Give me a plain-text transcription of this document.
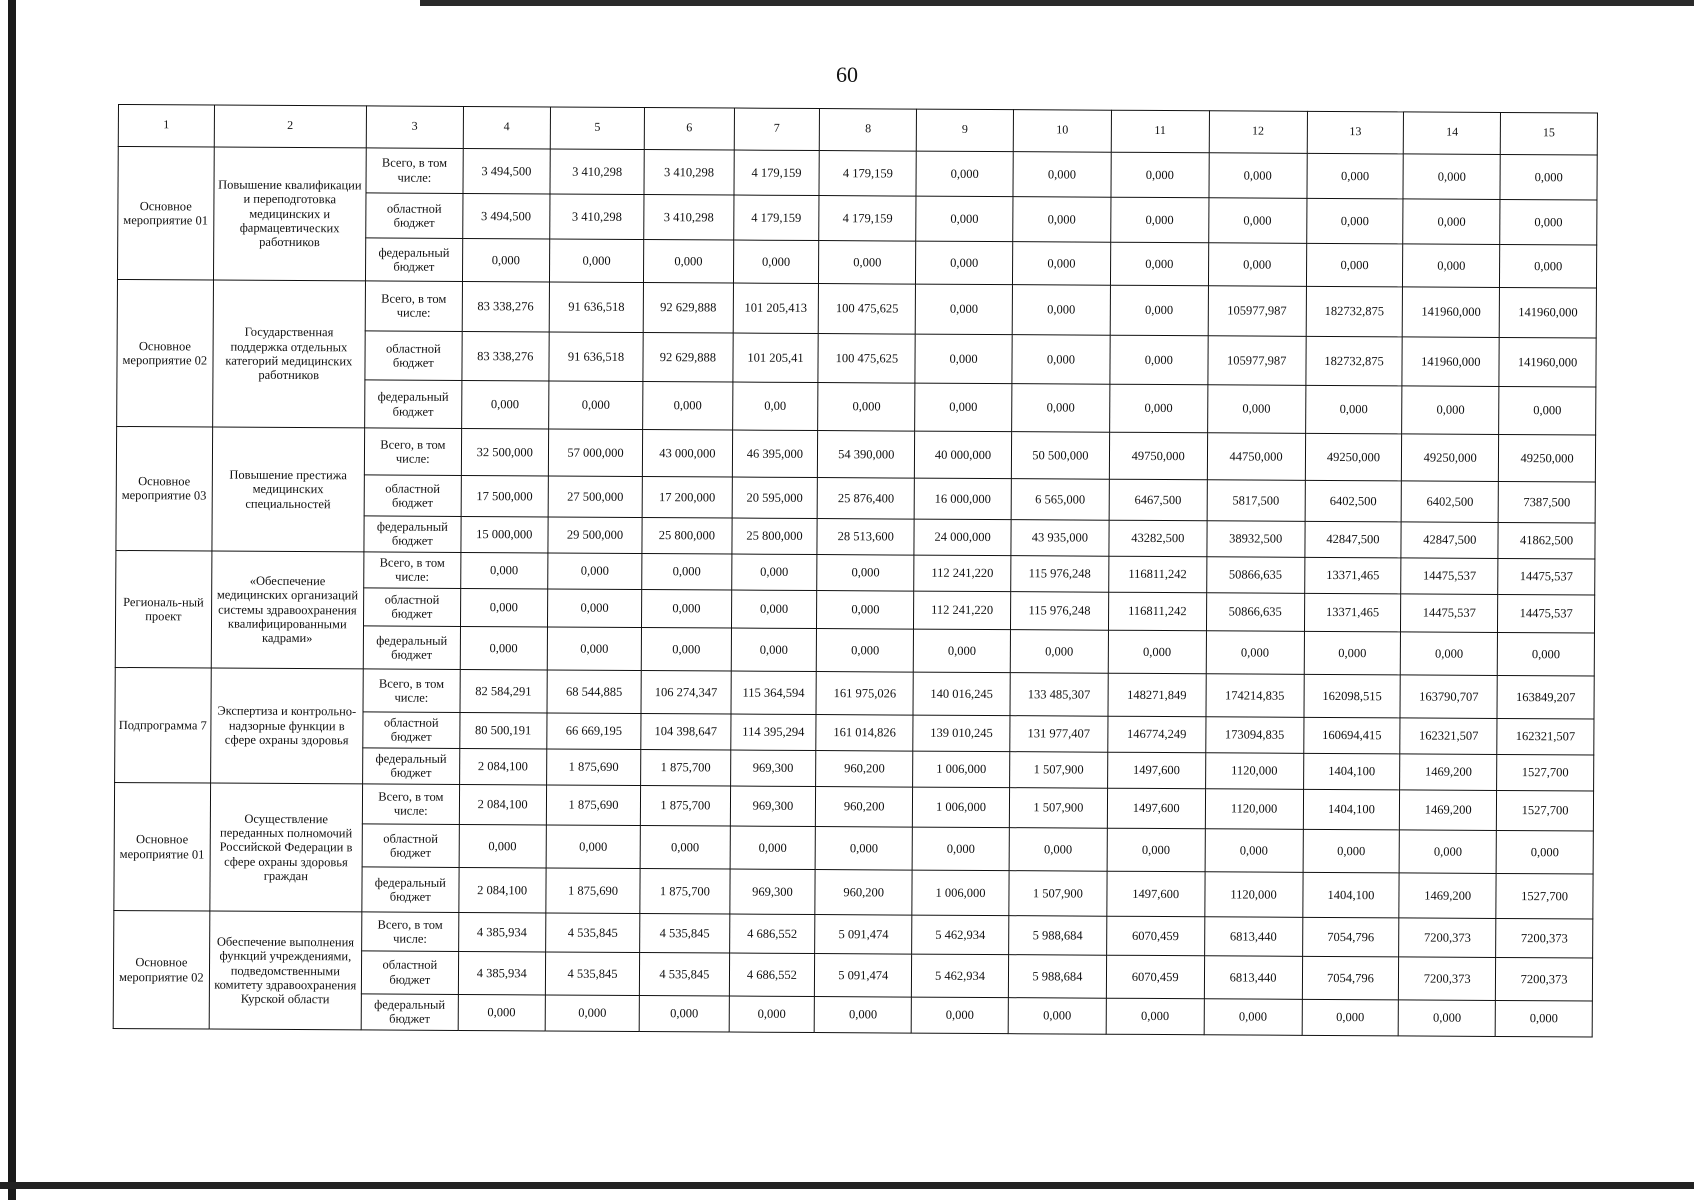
60
1	2	3	4	5	6	7	8	9	10	11	12	13	14	15
Основное мероприятие 01	Повышение квалификации и переподготовка медицинских и фармацевтических работников	Всего, в том числе:	3 494,500	3 410,298	3 410,298	4 179,159	4 179,159	0,000	0,000	0,000	0,000	0,000	0,000	0,000
		областной бюджет	3 494,500	3 410,298	3 410,298	4 179,159	4 179,159	0,000	0,000	0,000	0,000	0,000	0,000	0,000
		федеральный бюджет	0,000	0,000	0,000	0,000	0,000	0,000	0,000	0,000	0,000	0,000	0,000	0,000
Основное мероприятие 02	Государственная поддержка отдельных категорий медицинских работников	Всего, в том числе:	83 338,276	91 636,518	92 629,888	101 205,413	100 475,625	0,000	0,000	0,000	105977,987	182732,875	141960,000	141960,000
		областной бюджет	83 338,276	91 636,518	92 629,888	101 205,41	100 475,625	0,000	0,000	0,000	105977,987	182732,875	141960,000	141960,000
		федеральный бюджет	0,000	0,000	0,000	0,00	0,000	0,000	0,000	0,000	0,000	0,000	0,000	0,000
Основное мероприятие 03	Повышение престижа медицинских специальностей	Всего, в том числе:	32 500,000	57 000,000	43 000,000	46 395,000	54 390,000	40 000,000	50 500,000	49750,000	44750,000	49250,000	49250,000	49250,000
		областной бюджет	17 500,000	27 500,000	17 200,000	20 595,000	25 876,400	16 000,000	6 565,000	6467,500	5817,500	6402,500	6402,500	7387,500
		федеральный бюджет	15 000,000	29 500,000	25 800,000	25 800,000	28 513,600	24 000,000	43 935,000	43282,500	38932,500	42847,500	42847,500	41862,500
Региональ-ный проект	«Обеспечение медицинских организаций системы здравоохранения квалифицированными кадрами»	Всего, в том числе:	0,000	0,000	0,000	0,000	0,000	112 241,220	115 976,248	116811,242	50866,635	13371,465	14475,537	14475,537
		областной бюджет	0,000	0,000	0,000	0,000	0,000	112 241,220	115 976,248	116811,242	50866,635	13371,465	14475,537	14475,537
		федеральный бюджет	0,000	0,000	0,000	0,000	0,000	0,000	0,000	0,000	0,000	0,000	0,000	0,000
Подпрограмма 7	Экспертиза и контрольно-надзорные функции в сфере охраны здоровья	Всего, в том числе:	82 584,291	68 544,885	106 274,347	115 364,594	161 975,026	140 016,245	133 485,307	148271,849	174214,835	162098,515	163790,707	163849,207
		областной бюджет	80 500,191	66 669,195	104 398,647	114 395,294	161 014,826	139 010,245	131 977,407	146774,249	173094,835	160694,415	162321,507	162321,507
		федеральный бюджет	2 084,100	1 875,690	1 875,700	969,300	960,200	1 006,000	1 507,900	1497,600	1120,000	1404,100	1469,200	1527,700
Основное мероприятие 01	Осуществление переданных полномочий Российской Федерации в сфере охраны здоровья граждан	Всего, в том числе:	2 084,100	1 875,690	1 875,700	969,300	960,200	1 006,000	1 507,900	1497,600	1120,000	1404,100	1469,200	1527,700
		областной бюджет	0,000	0,000	0,000	0,000	0,000	0,000	0,000	0,000	0,000	0,000	0,000	0,000
		федеральный бюджет	2 084,100	1 875,690	1 875,700	969,300	960,200	1 006,000	1 507,900	1497,600	1120,000	1404,100	1469,200	1527,700
Основное мероприятие 02	Обеспечение выполнения функций учреждениями, подведомственными комитету здравоохранения Курской области	Всего, в том числе:	4 385,934	4 535,845	4 535,845	4 686,552	5 091,474	5 462,934	5 988,684	6070,459	6813,440	7054,796	7200,373	7200,373
		областной бюджет	4 385,934	4 535,845	4 535,845	4 686,552	5 091,474	5 462,934	5 988,684	6070,459	6813,440	7054,796	7200,373	7200,373
		федеральный бюджет	0,000	0,000	0,000	0,000	0,000	0,000	0,000	0,000	0,000	0,000	0,000	0,000
